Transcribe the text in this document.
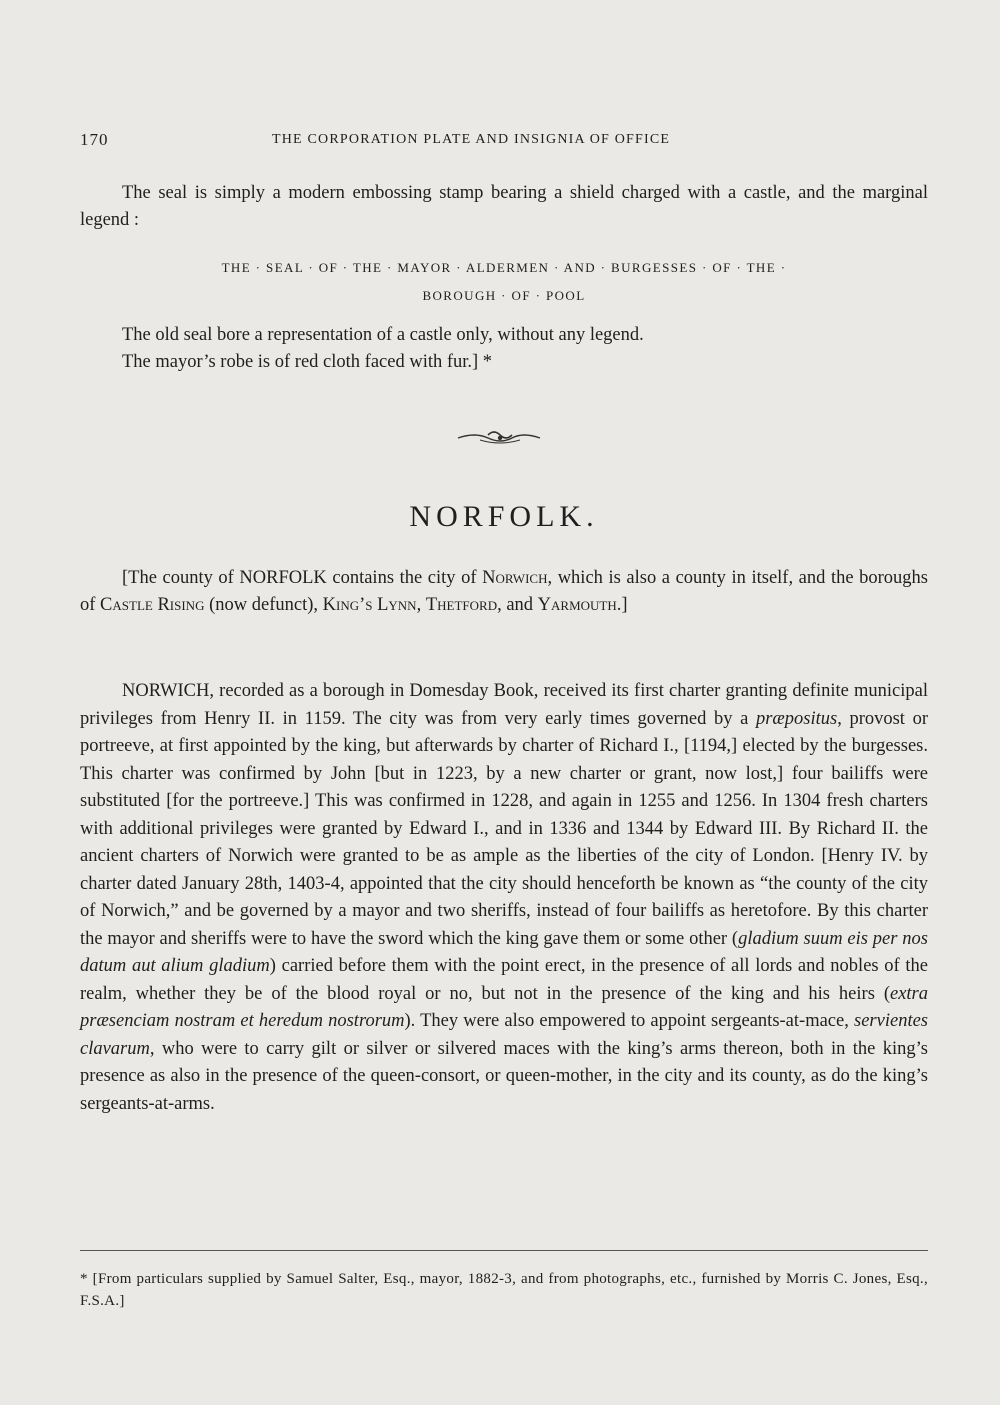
170	THE CORPORATION PLATE AND INSIGNIA OF OFFICE

The seal is simply a modern embossing stamp bearing a shield charged with a castle, and the marginal legend :

THE · SEAL · OF · THE · MAYOR · ALDERMEN · AND · BURGESSES · OF · THE ·

BOROUGH · OF · POOL

The old seal bore a representation of a castle only, without any legend.

The mayor’s robe is of red cloth faced with fur.] *

NORFOLK.

[The county of NORFOLK contains the city of Norwich, which is also a county in itself, and the boroughs of Castle Rising (now defunct), King’s Lynn, Thetford, and Yarmouth.]

NORWICH, recorded as a borough in Domesday Book, received its first charter granting definite municipal privileges from Henry II. in 1159. The city was from very early times governed by a præpositus, provost or portreeve, at first appointed by the king, but afterwards by charter of Richard I., [1194,] elected by the burgesses. This charter was confirmed by John [but in 1223, by a new charter or grant, now lost,] four bailiffs were substituted [for the portreeve.] This was confirmed in 1228, and again in 1255 and 1256. In 1304 fresh charters with additional privileges were granted by Edward I., and in 1336 and 1344 by Edward III. By Richard II. the ancient charters of Norwich were granted to be as ample as the liberties of the city of London. [Henry IV. by charter dated January 28th, 1403-4, appointed that the city should henceforth be known as “the county of the city of Norwich,” and be governed by a mayor and two sheriffs, instead of four bailiffs as heretofore. By this charter the mayor and sheriffs were to have the sword which the king gave them or some other (gladium suum eis per nos datum aut alium gladium) carried before them with the point erect, in the presence of all lords and nobles of the realm, whether they be of the blood royal or no, but not in the presence of the king and his heirs (extra præsenciam nostram et heredum nostrorum). They were also empowered to appoint sergeants-at-mace, servientes clavarum, who were to carry gilt or silver or silvered maces with the king’s arms thereon, both in the king’s presence as also in the presence of the queen-consort, or queen-mother, in the city and its county, as do the king’s sergeants-at-arms.

* [From particulars supplied by Samuel Salter, Esq., mayor, 1882-3, and from photographs, etc., furnished by Morris C. Jones, Esq., F.S.A.]
